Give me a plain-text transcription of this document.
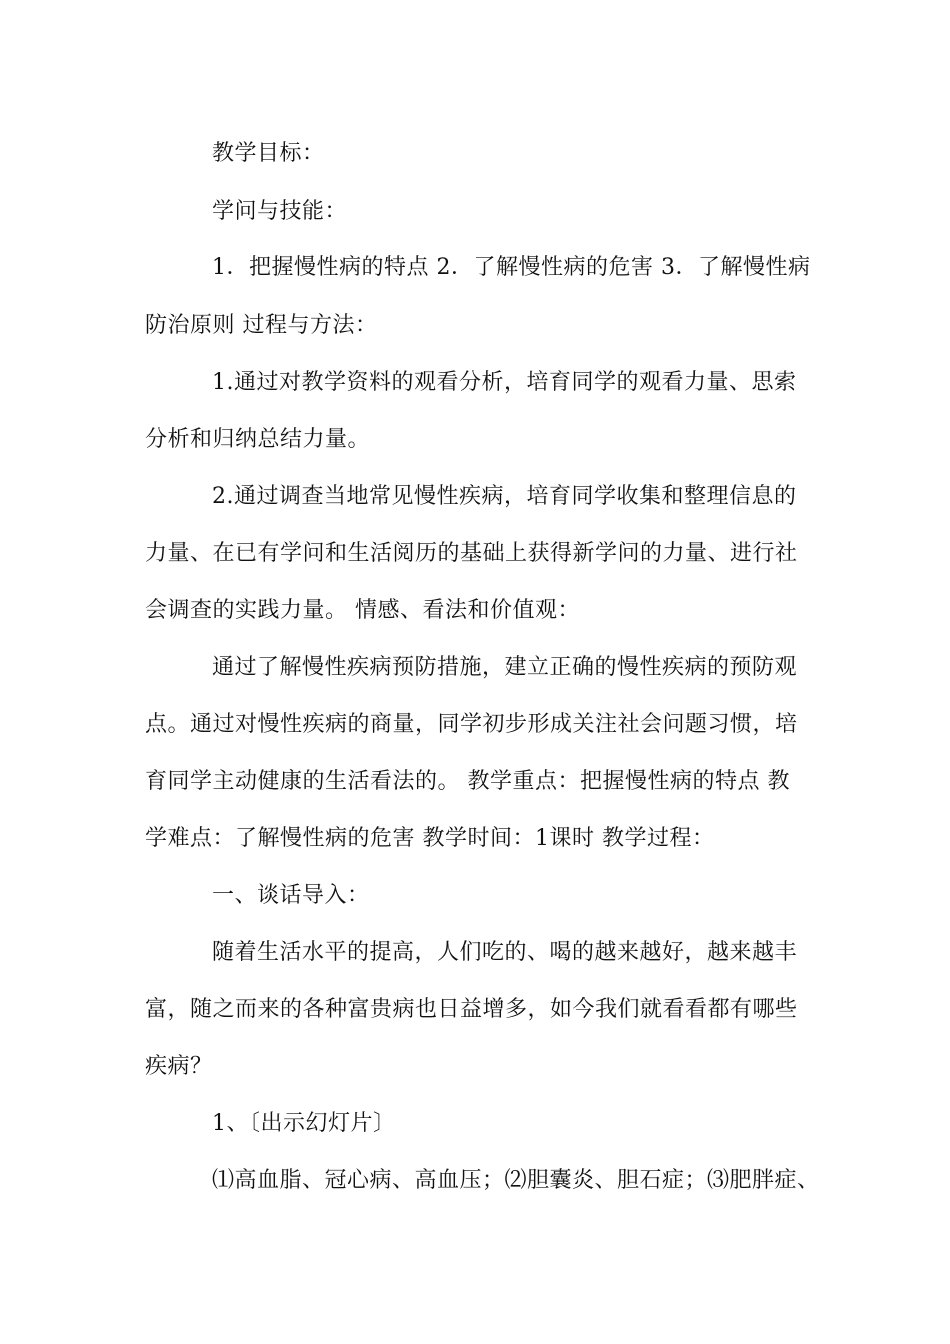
教学目标：
学问与技能：
1．把握慢性病的特点 2．了解慢性病的危害 3．了解慢性病
防治原则 过程与方法：
1.通过对教学资料的观看分析，培育同学的观看力量、思索
分析和归纳总结力量。
2.通过调查当地常见慢性疾病，培育同学收集和整理信息的
力量、在已有学问和生活阅历的基础上获得新学问的力量、进行社
会调查的实践力量。 情感、看法和价值观：
通过了解慢性疾病预防措施，建立正确的慢性疾病的预防观
点。通过对慢性疾病的商量，同学初步形成关注社会问题习惯，培
育同学主动健康的生活看法的。 教学重点：把握慢性病的特点 教
学难点：了解慢性病的危害 教学时间：1课时 教学过程：
一、谈话导入：
随着生活水平的提高，人们吃的、喝的越来越好，越来越丰
富，随之而来的各种富贵病也日益增多，如今我们就看看都有哪些
疾病？
1、〔出示幻灯片〕
⑴高血脂、冠心病、高血压；⑵胆囊炎、胆石症；⑶肥胖症、
